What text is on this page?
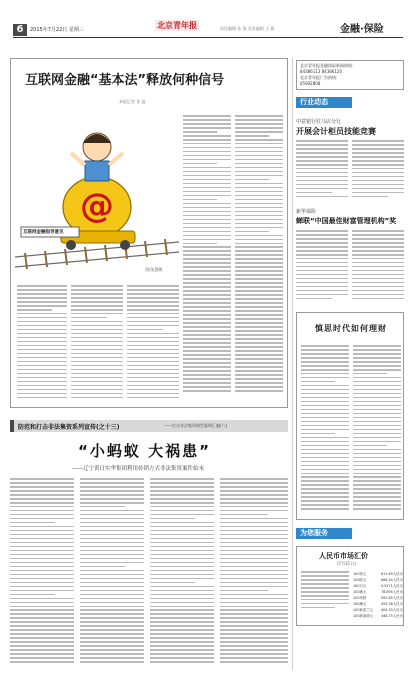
6	2015年7月22日 星期三	北京青年报	责任编辑 张 强 美术编辑 王 燕	金融·保险
互联网金融“基本法”释放何种信号
本报记者 张 磊
@
互联网金融指导意见
图/朱慧卿
北京青年报金融保险新闻热线：
84386113 84386120
北京青年报广告热线：
65902808
行业动态
中意银行驻马店分行
开展会计柜员技能竞赛
新华保险
蝉联“中国最佳财富管理机构”奖
慎思时代如何理财
为您服务
人民币市场汇价
(7月21日)
100美元	611.69人民币
100欧元	668.54人民币
100日元	4.9271人民币
100港元	78.895人民币
100英镑	952.65人民币
100澳元	453.38人民币
100新西兰元 404.33人民币
100新加坡元 446.75人民币
防范和打击非法集资系列宣传(之十三)	——打击非法集资典型案例汇编(六)
“小蚂蚁 大祸患”
——辽宁黄日实华集团利用传销方式非法集资案件始末
